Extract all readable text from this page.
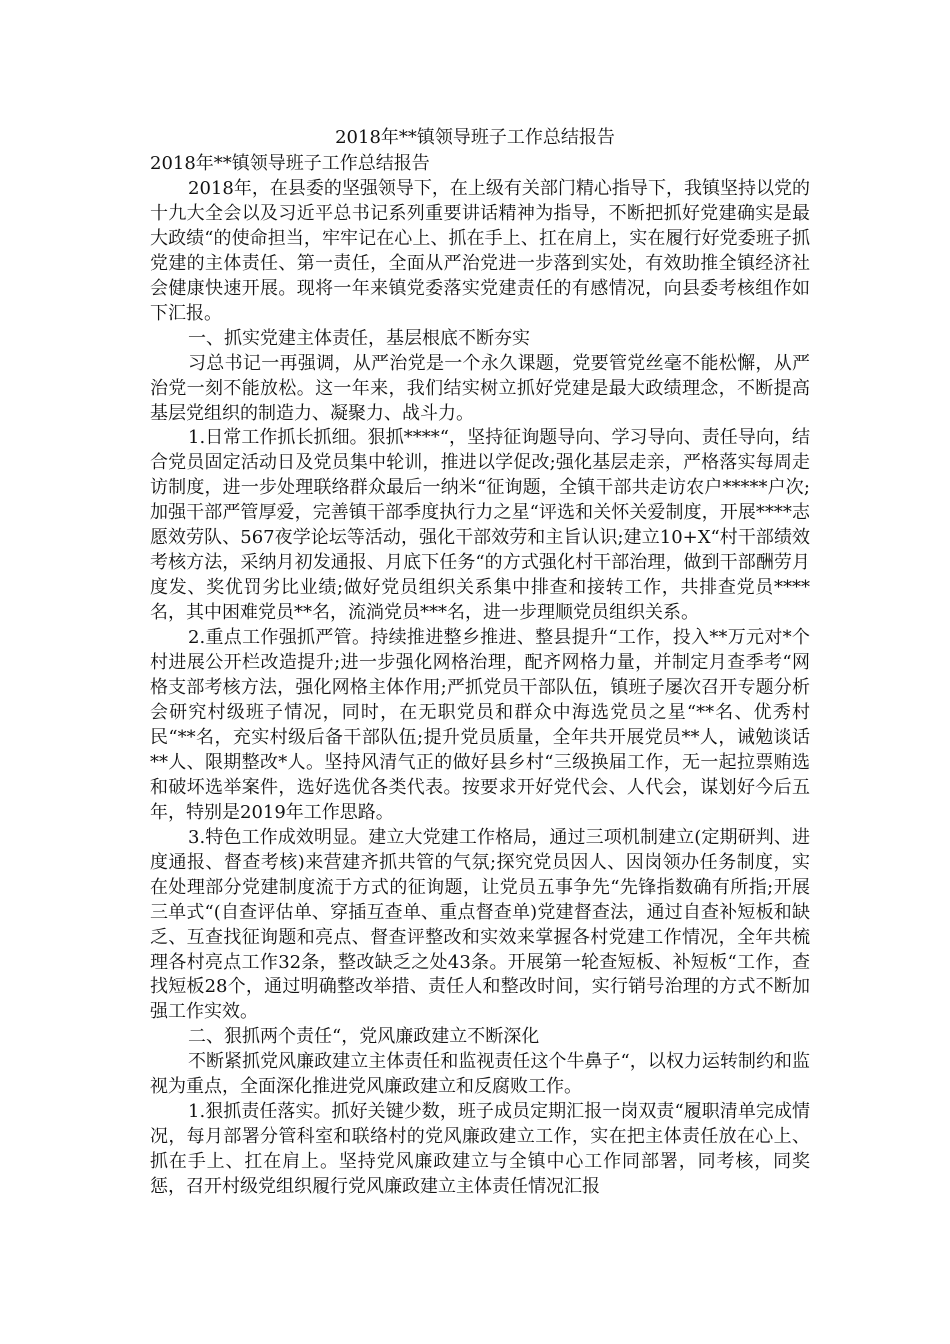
2018年**镇领导班子工作总结报告

2018年**镇领导班子工作总结报告

2018年，在县委的坚强领导下，在上级有关部门精心指导下，我镇坚持以党的十九大全会以及习近平总书记系列重要讲话精神为指导，不断把抓好党建确实是最大政绩“的使命担当，牢牢记在心上、抓在手上、扛在肩上，实在履行好党委班子抓党建的主体责任、第一责任，全面从严治党进一步落到实处，有效助推全镇经济社会健康快速开展。现将一年来镇党委落实党建责任的有感情况，向县委考核组作如下汇报。

一、抓实党建主体责任，基层根底不断夯实

习总书记一再强调，从严治党是一个永久课题，党要管党丝毫不能松懈，从严治党一刻不能放松。这一年来，我们结实树立抓好党建是最大政绩理念，不断提高基层党组织的制造力、凝聚力、战斗力。

1.日常工作抓长抓细。狠抓****“，坚持征询题导向、学习导向、责任导向，结合党员固定活动日及党员集中轮训，推进以学促改;强化基层走亲，严格落实每周走访制度，进一步处理联络群众最后一纳米“征询题，全镇干部共走访农户*****户次;加强干部严管厚爱，完善镇干部季度执行力之星“评选和关怀关爱制度，开展****志愿效劳队、567夜学论坛等活动，强化干部效劳和主旨认识;建立10+X“村干部绩效考核方法，采纳月初发通报、月底下任务“的方式强化村干部治理，做到干部酬劳月度发、奖优罚劣比业绩;做好党员组织关系集中排查和接转工作，共排查党员****名，其中困难党员**名，流淌党员***名，进一步理顺党员组织关系。

2.重点工作强抓严管。持续推进整乡推进、整县提升“工作，投入**万元对*个村进展公开栏改造提升;进一步强化网格治理，配齐网格力量，并制定月查季考“网格支部考核方法，强化网格主体作用;严抓党员干部队伍，镇班子屡次召开专题分析会研究村级班子情况，同时，在无职党员和群众中海选党员之星“**名、优秀村民“**名，充实村级后备干部队伍;提升党员质量，全年共开展党员**人，诫勉谈话**人、限期整改*人。坚持风清气正的做好县乡村“三级换届工作，无一起拉票贿选和破坏选举案件，选好选优各类代表。按要求开好党代会、人代会，谋划好今后五年，特别是2019年工作思路。

3.特色工作成效明显。建立大党建工作格局，通过三项机制建立(定期研判、进度通报、督查考核)来营建齐抓共管的气氛;探究党员因人、因岗领办任务制度，实在处理部分党建制度流于方式的征询题，让党员五事争先“先锋指数确有所指;开展三单式“(自查评估单、穿插互查单、重点督查单)党建督查法，通过自查补短板和缺乏、互查找征询题和亮点、督查评整改和实效来掌握各村党建工作情况，全年共梳理各村亮点工作32条，整改缺乏之处43条。开展第一轮查短板、补短板“工作，查找短板28个，通过明确整改举措、责任人和整改时间，实行销号治理的方式不断加强工作实效。

二、狠抓两个责任“，党风廉政建立不断深化

不断紧抓党风廉政建立主体责任和监视责任这个牛鼻子“，以权力运转制约和监视为重点，全面深化推进党风廉政建立和反腐败工作。

1.狠抓责任落实。抓好关键少数，班子成员定期汇报一岗双责“履职清单完成情况，每月部署分管科室和联络村的党风廉政建立工作，实在把主体责任放在心上、抓在手上、扛在肩上。坚持党风廉政建立与全镇中心工作同部署，同考核，同奖惩，召开村级党组织履行党风廉政建立主体责任情况汇报
